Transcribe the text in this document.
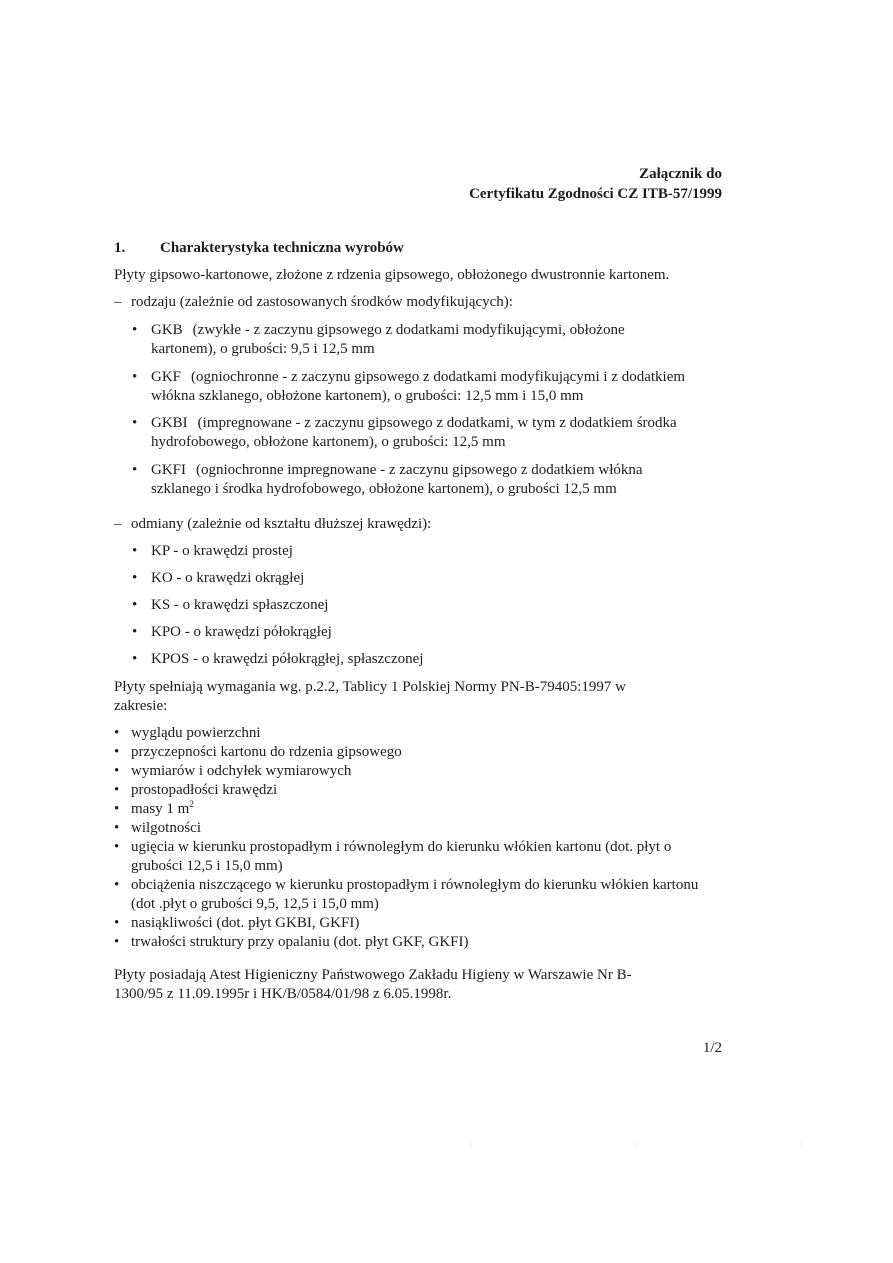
Załącznik do
Certyfikatu Zgodności CZ ITB-57/1999
1. Charakterystyka techniczna wyrobów
Płyty gipsowo-kartonowe, złożone z rdzenia gipsowego, obłożonego dwustronnie kartonem.
– rodzaju (zależnie od zastosowanych środków modyfikujących):
• GKB (zwykłe - z zaczynu gipsowego z dodatkami modyfikującymi, obłożone kartonem), o grubości: 9,5 i 12,5 mm
• GKF (ogniochronne - z zaczynu gipsowego z dodatkami modyfikującymi i z dodatkiem włókna szklanego, obłożone kartonem), o grubości: 12,5 mm i 15,0 mm
• GKBI (impregnowane - z zaczynu gipsowego z dodatkami, w tym z dodatkiem środka hydrofobowego, obłożone kartonem), o grubości: 12,5 mm
• GKFI (ogniochronne impregnowane - z zaczynu gipsowego z dodatkiem włókna szklanego i środka hydrofobowego, obłożone kartonem), o grubości 12,5 mm
– odmiany (zależnie od kształtu dłuższej krawędzi):
• KP - o krawędzi prostej
• KO - o krawędzi okrągłej
• KS - o krawędzi spłaszczonej
• KPO - o krawędzi półokrągłej
• KPOS - o krawędzi półokrągłej, spłaszczonej
Płyty spełniają wymagania wg. p.2.2, Tablicy 1 Polskiej Normy PN-B-79405:1997 w zakresie:
• wyglądu powierzchni
• przyczepności kartonu do rdzenia gipsowego
• wymiarów i odchyłek wymiarowych
• prostopadłości krawędzi
• masy 1 $m^2$
• wilgotności
• ugięcia w kierunku prostopadłym i równoległym do kierunku włókien kartonu (dot. płyt o grubości 12,5 i 15,0 mm)
• obciążenia niszczącego w kierunku prostopadłym i równoległym do kierunku włókien kartonu (dot .płyt o grubości 9,5, 12,5 i 15,0 mm)
• nasiąkliwości (dot. płyt GKBI, GKFI)
• trwałości struktury przy opalaniu (dot. płyt GKF, GKFI)
Płyty posiadają Atest Higieniczny Państwowego Zakładu Higieny w Warszawie Nr B-1300/95 z 11.09.1995r i HK/B/0584/01/98 z 6.05.1998r.
1/2
· · ·
